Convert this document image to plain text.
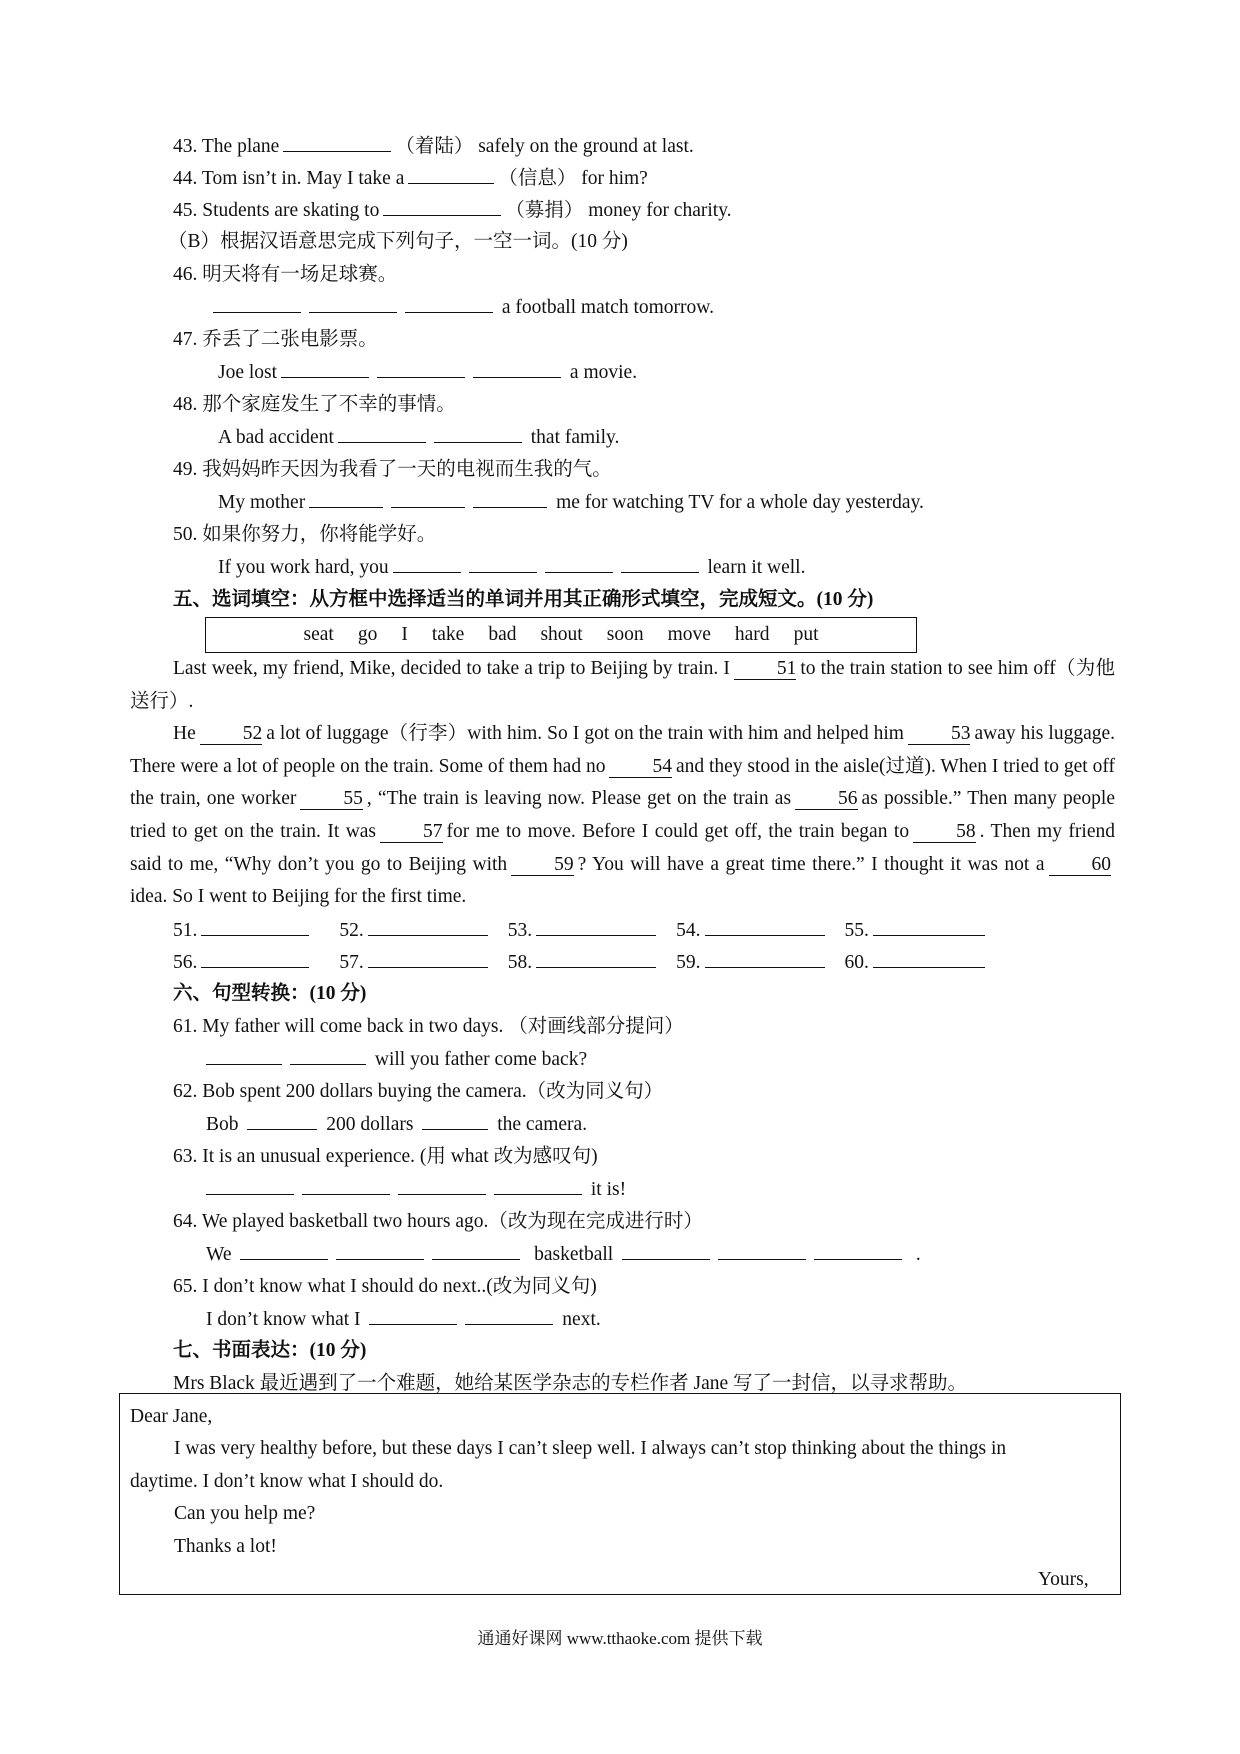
43. The plane	（着陆） safely on the ground at last.
44. Tom isn’t in. May I take a	（信息） for him?
45. Students are skating to	（募捐） money for charity.
（B）根据汉语意思完成下列句子，一空一词。(10 分)
46. 明天将有一场足球赛。
a football match tomorrow.
47. 乔丢了二张电影票。
Joe lost	a movie.
48. 那个家庭发生了不幸的事情。
A bad accident	that family.
49. 我妈妈昨天因为我看了一天的电视而生我的气。
My mother	me for watching TV for a whole day yesterday.
50. 如果你努力，你将能学好。
If you work hard, you	learn it well.
五、选词填空：从方框中选择适当的单词并用其正确形式填空，完成短文。(10 分)
seat go I take bad shout soon move hard put

Last week, my friend, Mike, decided to take a trip to Beijing by train. I 51 to the train station to see him off（为他送行）.

He 52 a lot of luggage（行李）with him. So I got on the train with him and helped him 53 away his luggage. There were a lot of people on the train. Some of them had no 54 and they stood in the aisle(过道). When I tried to get off the train, one worker 55 , “The train is leaving now. Please get on the train as 56 as possible.” Then many people tried to get on the train. It was 57 for me to move. Before I could get off, the train began to 58 . Then my friend said to me, “Why don’t you go to Beijing with 59 ? You will have a great time there.” I thought it was not a 60idea. So I went to Beijing for the first time.

51.	52.	53.	54.	55.
56.	57.	58.	59.	60.
六、句型转换：(10 分)
61. My father will come back in two days. （对画线部分提问）
will you father come back?
62. Bob spent 200 dollars buying the camera.（改为同义句）
Bob	200 dollars	the camera.
63. It is an unusual experience. (用 what 改为感叹句)
it is!
64. We played basketball two hours ago.（改为现在完成进行时）
We	basketball	.
65. I don’t know what I should do next..(改为同义句)
I don’t know what I	next.
七、书面表达：(10 分)
Mrs Black 最近遇到了一个难题，她给某医学杂志的专栏作者 Jane 写了一封信，以寻求帮助。
Dear Jane,
I was very healthy before, but these days I can’t sleep well. I always can’t stop thinking about the things in
daytime. I don’t know what I should do.
Can you help me?
Thanks a lot!
Yours,
通通好课网 www.tthaoke.com 提供下载
